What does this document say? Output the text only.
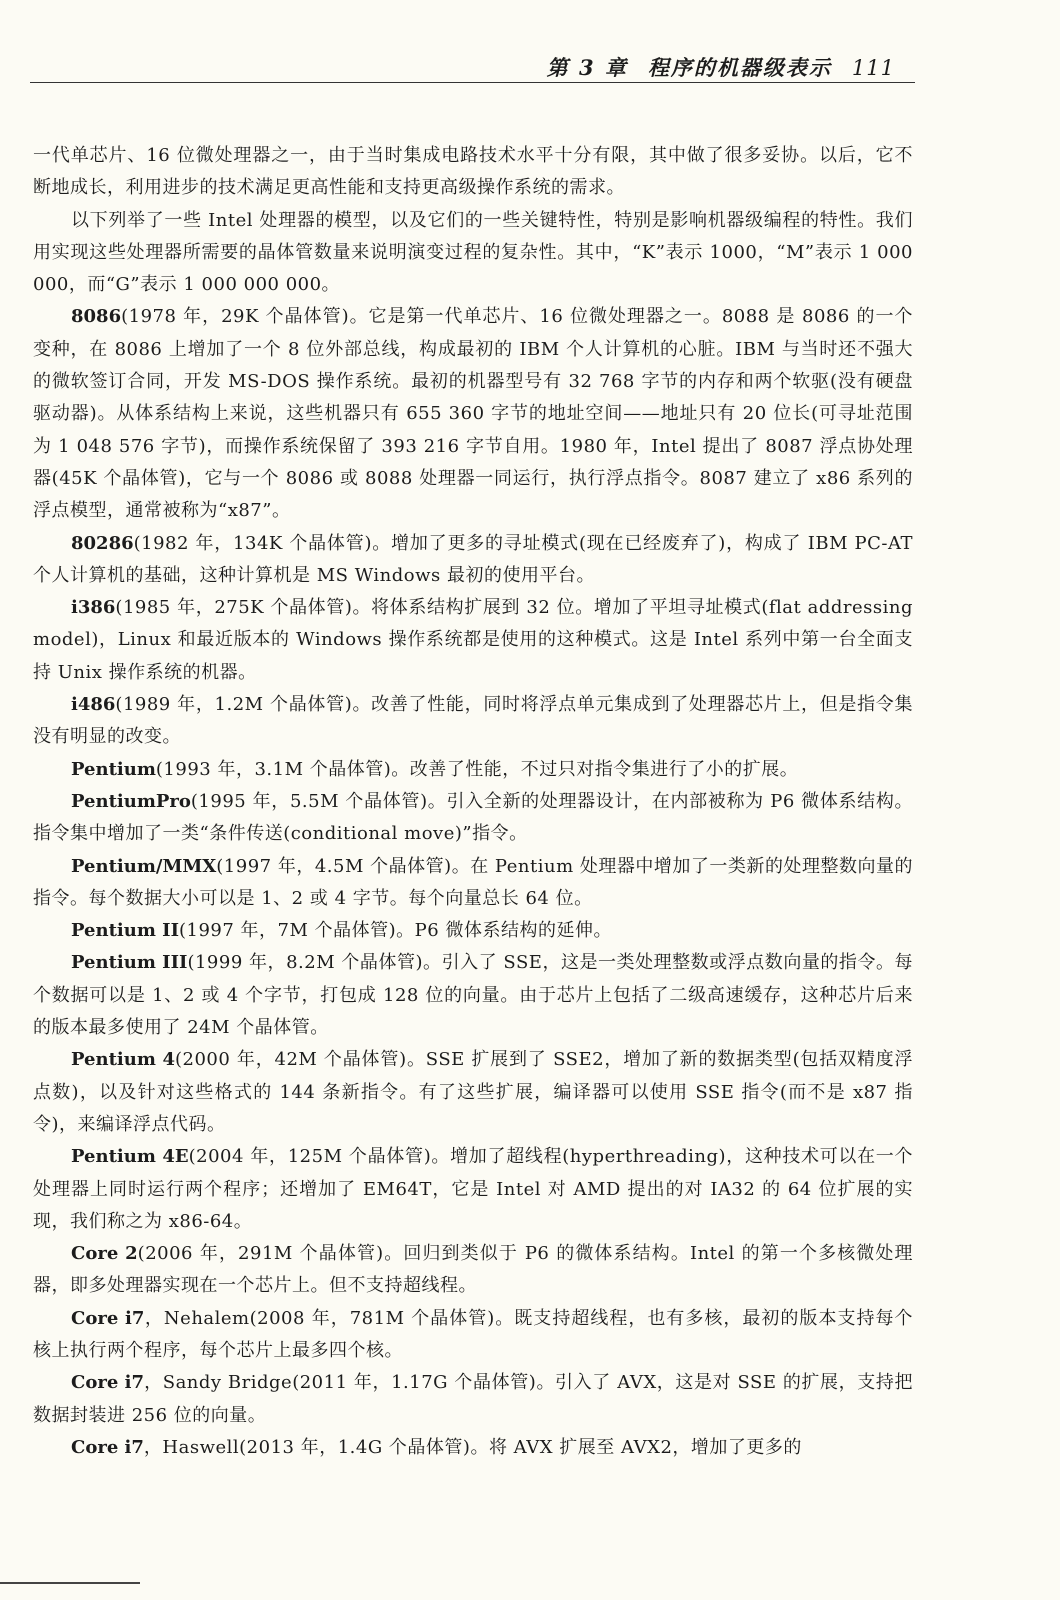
第 3 章 程序的机器级表示 111

一代单芯片、16 位微处理器之一，由于当时集成电路技术水平十分有限，其中做了很多妥协。以后，它不断地成长，利用进步的技术满足更高性能和支持更高级操作系统的需求。

以下列举了一些 Intel 处理器的模型，以及它们的一些关键特性，特别是影响机器级编程的特性。我们用实现这些处理器所需要的晶体管数量来说明演变过程的复杂性。其中，“K”表示 1000，“M”表示 1 000 000，而“G”表示 1 000 000 000。

8086(1978 年，29K 个晶体管)。它是第一代单芯片、16 位微处理器之一。8088 是 8086 的一个变种，在 8086 上增加了一个 8 位外部总线，构成最初的 IBM 个人计算机的心脏。IBM 与当时还不强大的微软签订合同，开发 MS-DOS 操作系统。最初的机器型号有 32 768 字节的内存和两个软驱(没有硬盘驱动器)。从体系结构上来说，这些机器只有 655 360 字节的地址空间——地址只有 20 位长(可寻址范围为 1 048 576 字节)，而操作系统保留了 393 216 字节自用。1980 年，Intel 提出了 8087 浮点协处理器(45K 个晶体管)，它与一个 8086 或 8088 处理器一同运行，执行浮点指令。8087 建立了 x86 系列的浮点模型，通常被称为“x87”。

80286(1982 年，134K 个晶体管)。增加了更多的寻址模式(现在已经废弃了)，构成了 IBM PC-AT 个人计算机的基础，这种计算机是 MS Windows 最初的使用平台。

i386(1985 年，275K 个晶体管)。将体系结构扩展到 32 位。增加了平坦寻址模式(flat addressing model)，Linux 和最近版本的 Windows 操作系统都是使用的这种模式。这是 Intel 系列中第一台全面支持 Unix 操作系统的机器。

i486(1989 年，1.2M 个晶体管)。改善了性能，同时将浮点单元集成到了处理器芯片上，但是指令集没有明显的改变。

Pentium(1993 年，3.1M 个晶体管)。改善了性能，不过只对指令集进行了小的扩展。

PentiumPro(1995 年，5.5M 个晶体管)。引入全新的处理器设计，在内部被称为 P6 微体系结构。指令集中增加了一类“条件传送(conditional move)”指令。

Pentium/MMX(1997 年，4.5M 个晶体管)。在 Pentium 处理器中增加了一类新的处理整数向量的指令。每个数据大小可以是 1、2 或 4 字节。每个向量总长 64 位。

Pentium II(1997 年，7M 个晶体管)。P6 微体系结构的延伸。

Pentium III(1999 年，8.2M 个晶体管)。引入了 SSE，这是一类处理整数或浮点数向量的指令。每个数据可以是 1、2 或 4 个字节，打包成 128 位的向量。由于芯片上包括了二级高速缓存，这种芯片后来的版本最多使用了 24M 个晶体管。

Pentium 4(2000 年，42M 个晶体管)。SSE 扩展到了 SSE2，增加了新的数据类型(包括双精度浮点数)，以及针对这些格式的 144 条新指令。有了这些扩展，编译器可以使用 SSE 指令(而不是 x87 指令)，来编译浮点代码。

Pentium 4E(2004 年，125M 个晶体管)。增加了超线程(hyperthreading)，这种技术可以在一个处理器上同时运行两个程序；还增加了 EM64T，它是 Intel 对 AMD 提出的对 IA32 的 64 位扩展的实现，我们称之为 x86-64。

Core 2(2006 年，291M 个晶体管)。回归到类似于 P6 的微体系结构。Intel 的第一个多核微处理器，即多处理器实现在一个芯片上。但不支持超线程。

Core i7，Nehalem(2008 年，781M 个晶体管)。既支持超线程，也有多核，最初的版本支持每个核上执行两个程序，每个芯片上最多四个核。

Core i7，Sandy Bridge(2011 年，1.17G 个晶体管)。引入了 AVX，这是对 SSE 的扩展，支持把数据封装进 256 位的向量。

Core i7，Haswell(2013 年，1.4G 个晶体管)。将 AVX 扩展至 AVX2，增加了更多的
